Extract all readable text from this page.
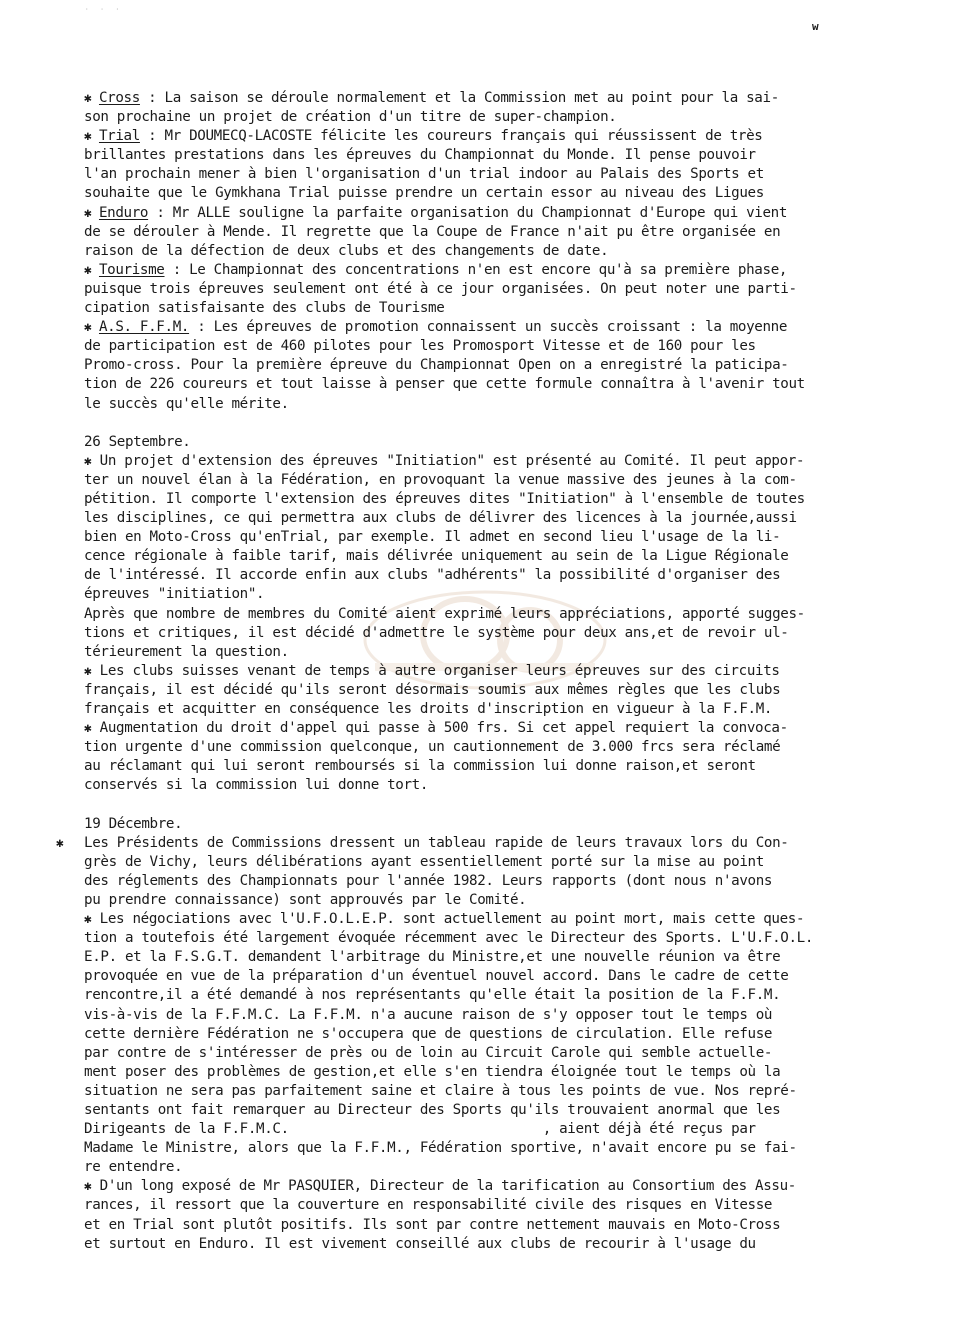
· · ·
w
✱ Cross : La saison se déroule normalement et la Commission met au point pour la sai-
son prochaine un projet de création d'un titre de super-champion.
✱ Trial : Mr DOUMECQ-LACOSTE félicite les coureurs français qui réussissent de très
brillantes prestations dans les épreuves du Championnat du Monde. Il pense pouvoir
l'an prochain mener à bien l'organisation d'un trial indoor au Palais des Sports et
souhaite que le Gymkhana Trial puisse prendre un certain essor au niveau des Ligues
✱ Enduro : Mr ALLE souligne la parfaite organisation du Championnat d'Europe qui vient
de se dérouler à Mende. Il regrette que la Coupe de France n'ait pu être organisée en
raison de la défection de deux clubs et des changements de date.
✱ Tourisme : Le Championnat des concentrations n'en est encore qu'à sa première phase,
puisque trois épreuves seulement ont été à ce jour organisées. On peut noter une parti-
cipation satisfaisante des clubs de Tourisme
✱ A.S. F.F.M. : Les épreuves de promotion connaissent un succès croissant : la moyenne
de participation est de 460 pilotes pour les Promosport Vitesse et de 160 pour les
Promo-cross. Pour la première épreuve du Championnat Open on a enregistré la paticipa-
tion de 226 coureurs et tout laisse à penser que cette formule connaîtra à l'avenir tout
le succès qu'elle mérite.
26 Septembre.
✱ Un projet d'extension des épreuves "Initiation" est présenté au Comité. Il peut appor-
ter un nouvel élan à la Fédération, en provoquant la venue massive des jeunes à la com-
pétition. Il comporte l'extension des épreuves dites "Initiation" à l'ensemble de toutes
les disciplines, ce qui permettra aux clubs de délivrer des licences à la journée,aussi
bien en Moto-Cross qu'enTrial, par exemple. Il admet en second lieu l'usage de la li-
cence régionale à faible tarif, mais délivrée uniquement au sein de la Ligue Régionale
de l'intéressé. Il accorde enfin aux clubs "adhérents" la possibilité d'organiser des
épreuves "initiation".
Après que nombre de membres du Comité aient exprimé leurs appréciations, apporté sugges-
tions et critiques, il est décidé d'admettre le système pour deux ans,et de revoir ul-
térieurement la question.
✱ Les clubs suisses venant de temps à autre organiser leurs épreuves sur des circuits
français, il est décidé qu'ils seront désormais soumis aux mêmes règles que les clubs
français et acquitter en conséquence les droits d'inscription en vigueur à la F.F.M.
✱ Augmentation du droit d'appel qui passe à 500 frs. Si cet appel requiert la convoca-
tion urgente d'une commission quelconque, un cautionnement de 3.000 frcs sera réclamé
au réclamant qui lui seront remboursés si la commission lui donne raison,et seront
conservés si la commission lui donne tort.
19 Décembre.
✱ Les Présidents de Commissions dressent un tableau rapide de leurs travaux lors du Con-
grès de Vichy, leurs délibérations ayant essentiellement porté sur la mise au point
des réglements des Championnats pour l'année 1982. Leurs rapports (dont nous n'avons
pu prendre connaissance) sont approuvés par le Comité.
✱ Les négociations avec l'U.F.O.L.E.P. sont actuellement au point mort, mais cette ques-
tion a toutefois été largement évoquée récemment avec le Directeur des Sports. L'U.F.O.L.
E.P. et la F.S.G.T. demandent l'arbitrage du Ministre,et une nouvelle réunion va être
provoquée en vue de la préparation d'un éventuel nouvel accord. Dans le cadre de cette
rencontre,il a été demandé à nos représentants qu'elle était la position de la F.F.M.
vis-à-vis de la F.F.M.C. La F.F.M. n'a aucune raison de s'y opposer tout le temps où
cette dernière Fédération ne s'occupera que de questions de circulation. Elle refuse
par contre de s'intéresser de près ou de loin au Circuit Carole qui semble actuelle-
ment poser des problèmes de gestion,et elle s'en tiendra éloignée tout le temps où la
situation ne sera pas parfaitement saine et claire à tous les points de vue. Nos repré-
sentants ont fait remarquer au Directeur des Sports qu'ils trouvaient anormal que les
Dirigeants de la F.F.M.C.                               , aient déjà été reçus par
Madame le Ministre, alors que la F.F.M., Fédération sportive, n'avait encore pu se fai-
re entendre.
✱ D'un long exposé de Mr PASQUIER, Directeur de la tarification au Consortium des Assu-
rances, il ressort que la couverture en responsabilité civile des risques en Vitesse
et en Trial sont plutôt positifs. Ils sont par contre nettement mauvais en Moto-Cross
et surtout en Enduro. Il est vivement conseillé aux clubs de recourir à l'usage du
